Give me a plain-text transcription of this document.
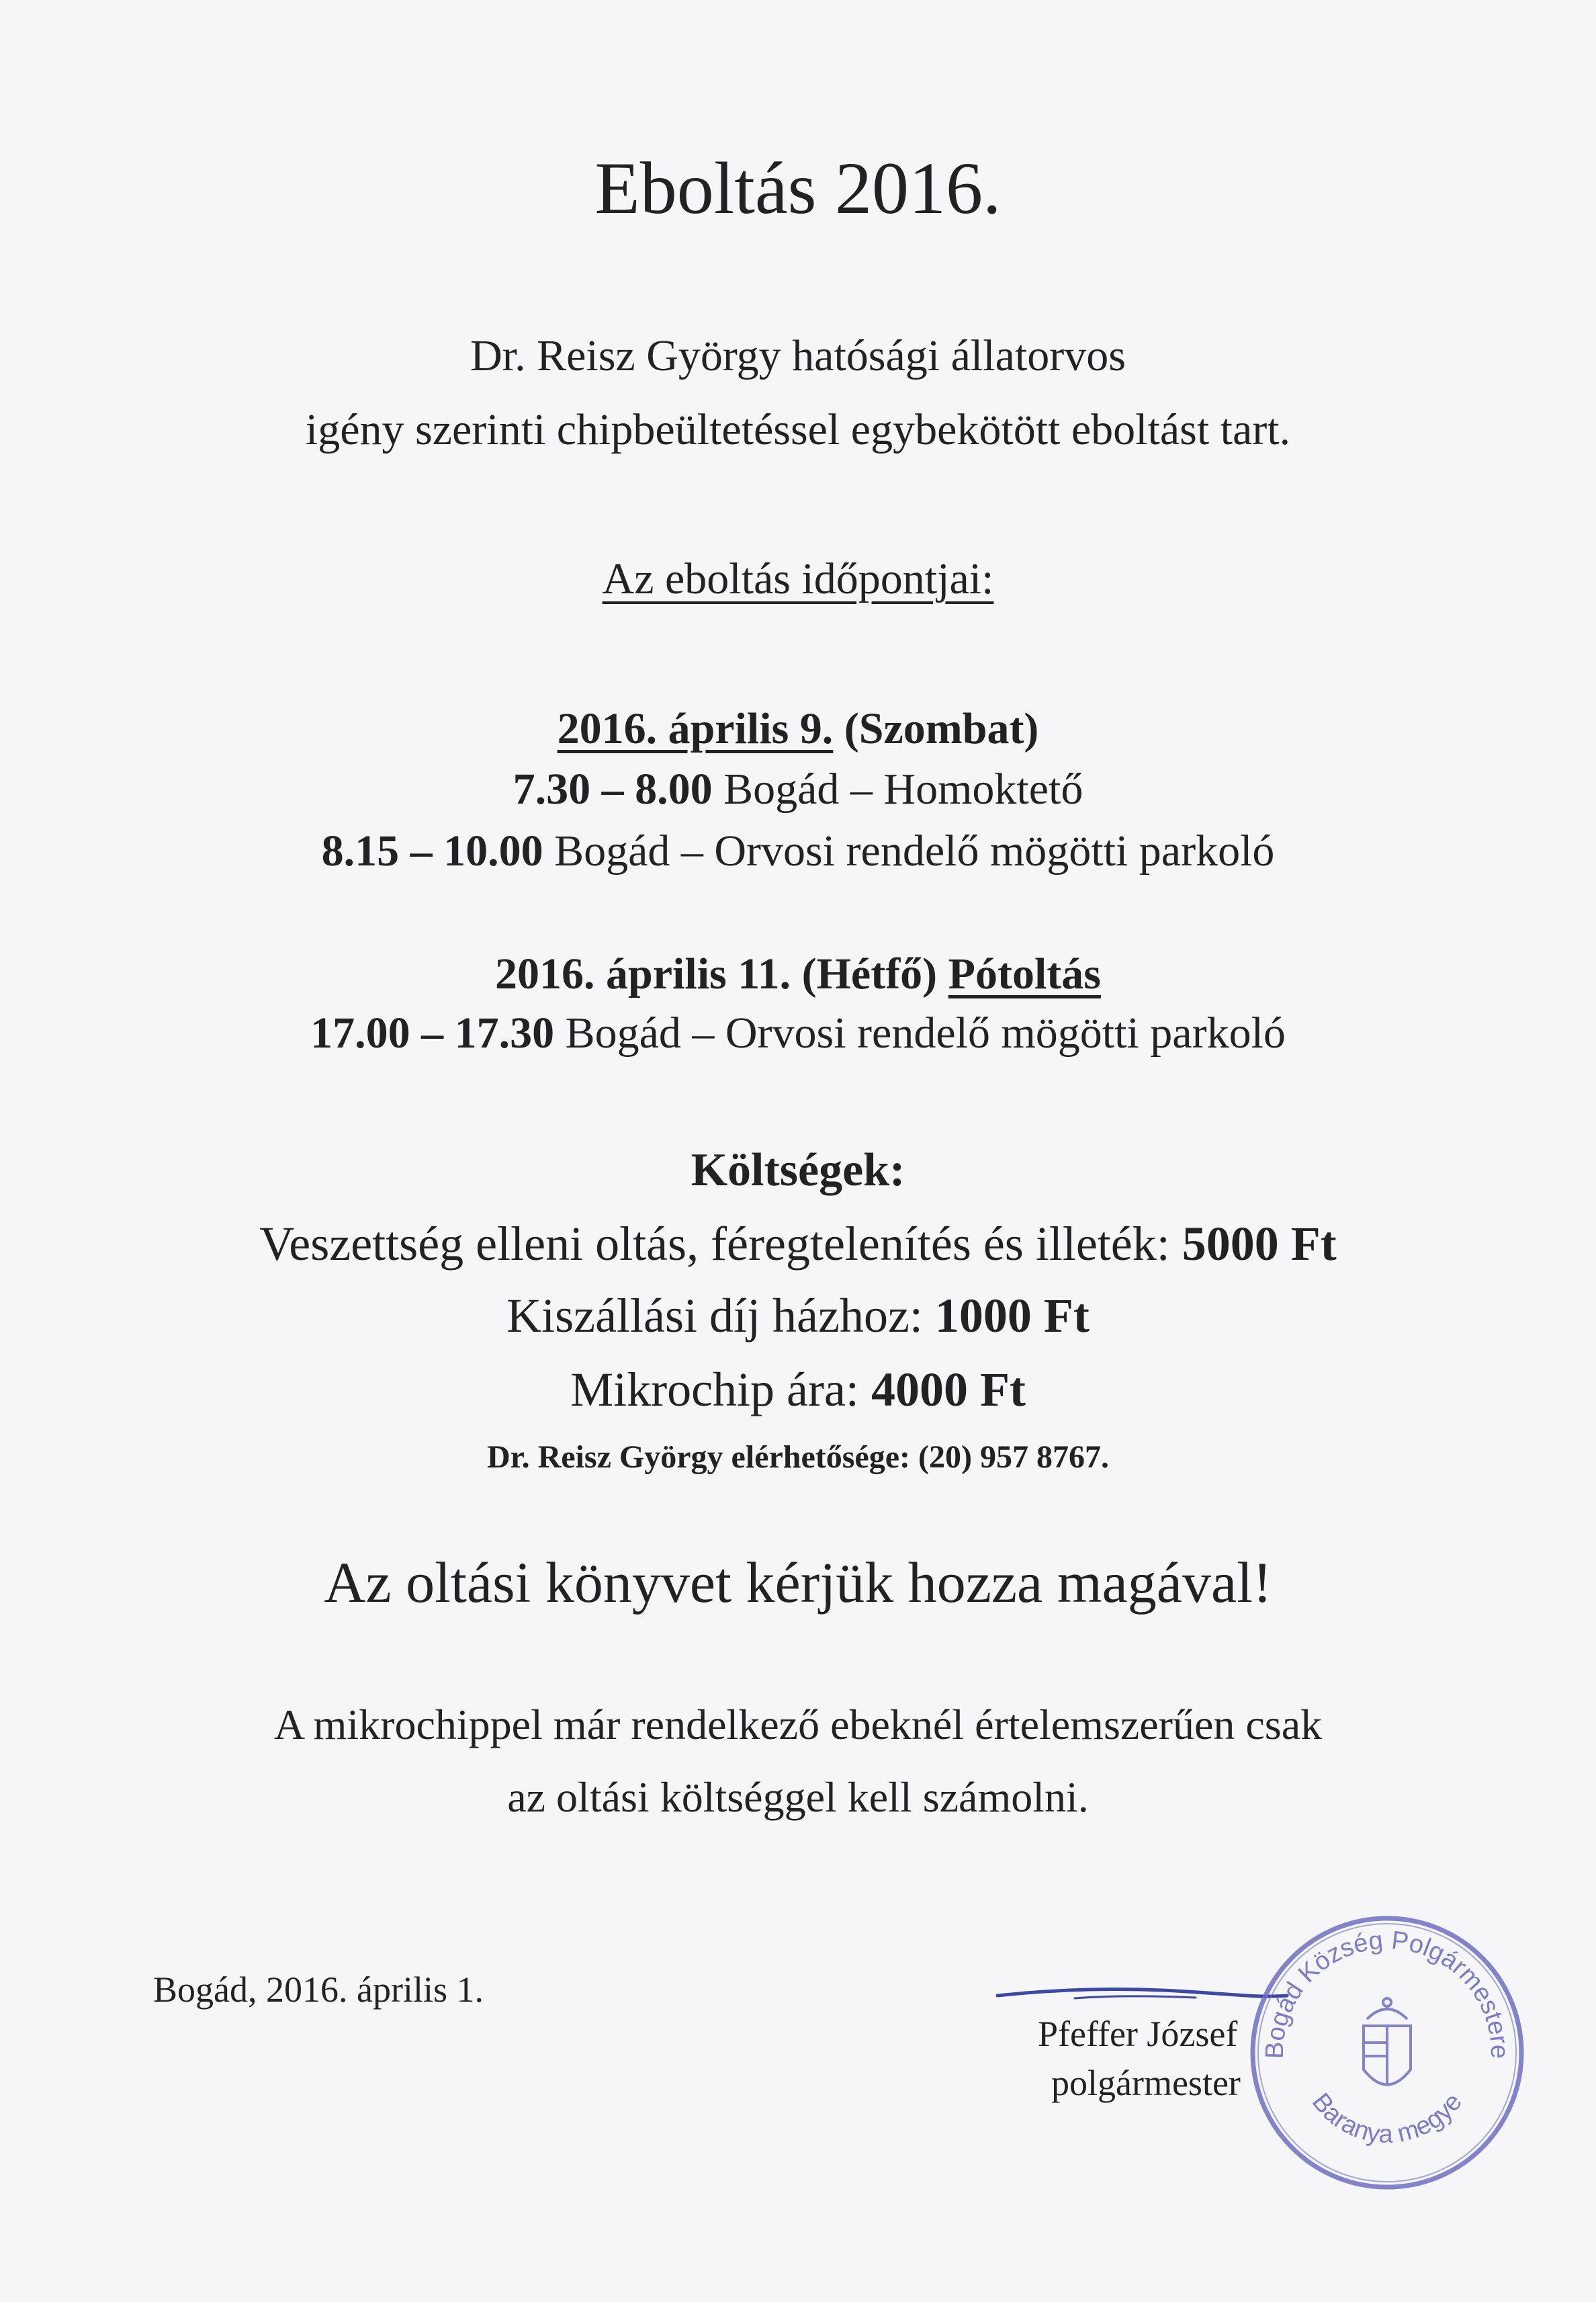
Eboltás 2016.
Dr. Reisz György hatósági állatorvos
igény szerinti chipbeültetéssel egybekötött eboltást tart.
Az eboltás időpontjai:
2016. április 9. (Szombat)
7.30 – 8.00 Bogád – Homoktető
8.15 – 10.00 Bogád – Orvosi rendelő mögötti parkoló
2016. április 11. (Hétfő) Pótoltás
17.00 – 17.30 Bogád – Orvosi rendelő mögötti parkoló
Költségek:
Veszettség elleni oltás, féregtelenítés és illeték: 5000 Ft
Kiszállási díj házhoz: 1000 Ft
Mikrochip ára: 4000 Ft
Dr. Reisz György elérhetősége: (20) 957 8767.
Az oltási könyvet kérjük hozza magával!
A mikrochippel már rendelkező ebeknél értelemszerűen csak
az oltási költséggel kell számolni.
Bogád, 2016. április 1.
Pfeffer József
polgármester
Bogád Község Polgármestere
Baranya megye
